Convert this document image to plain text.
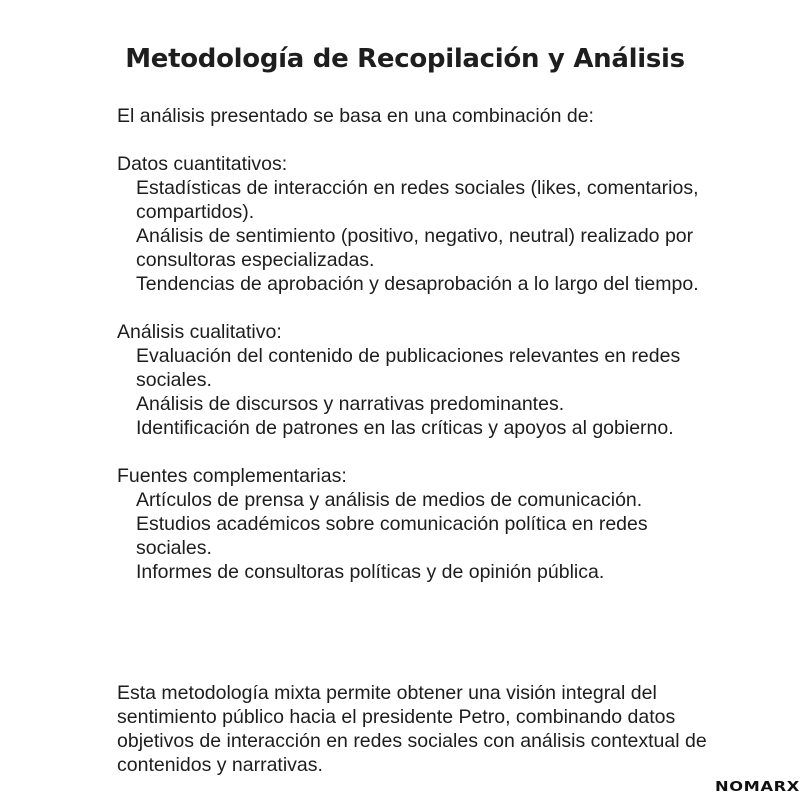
Metodología de Recopilación y Análisis

El análisis presentado se basa en una combinación de:

Datos cuantitativos:

Estadísticas de interacción en redes sociales (likes, comentarios, compartidos).
Análisis de sentimiento (positivo, negativo, neutral) realizado por consultoras especializadas.
Tendencias de aprobación y desaprobación a lo largo del tiempo.

Análisis cualitativo:

Evaluación del contenido de publicaciones relevantes en redes sociales.
Análisis de discursos y narrativas predominantes.
Identificación de patrones en las críticas y apoyos al gobierno.

Fuentes complementarias:

Artículos de prensa y análisis de medios de comunicación.
Estudios académicos sobre comunicación política en redes sociales.
Informes de consultoras políticas y de opinión pública.

Esta metodología mixta permite obtener una visión integral del sentimiento público hacia el presidente Petro, combinando datos objetivos de interacción en redes sociales con análisis contextual de contenidos y narrativas.

NOMARX
